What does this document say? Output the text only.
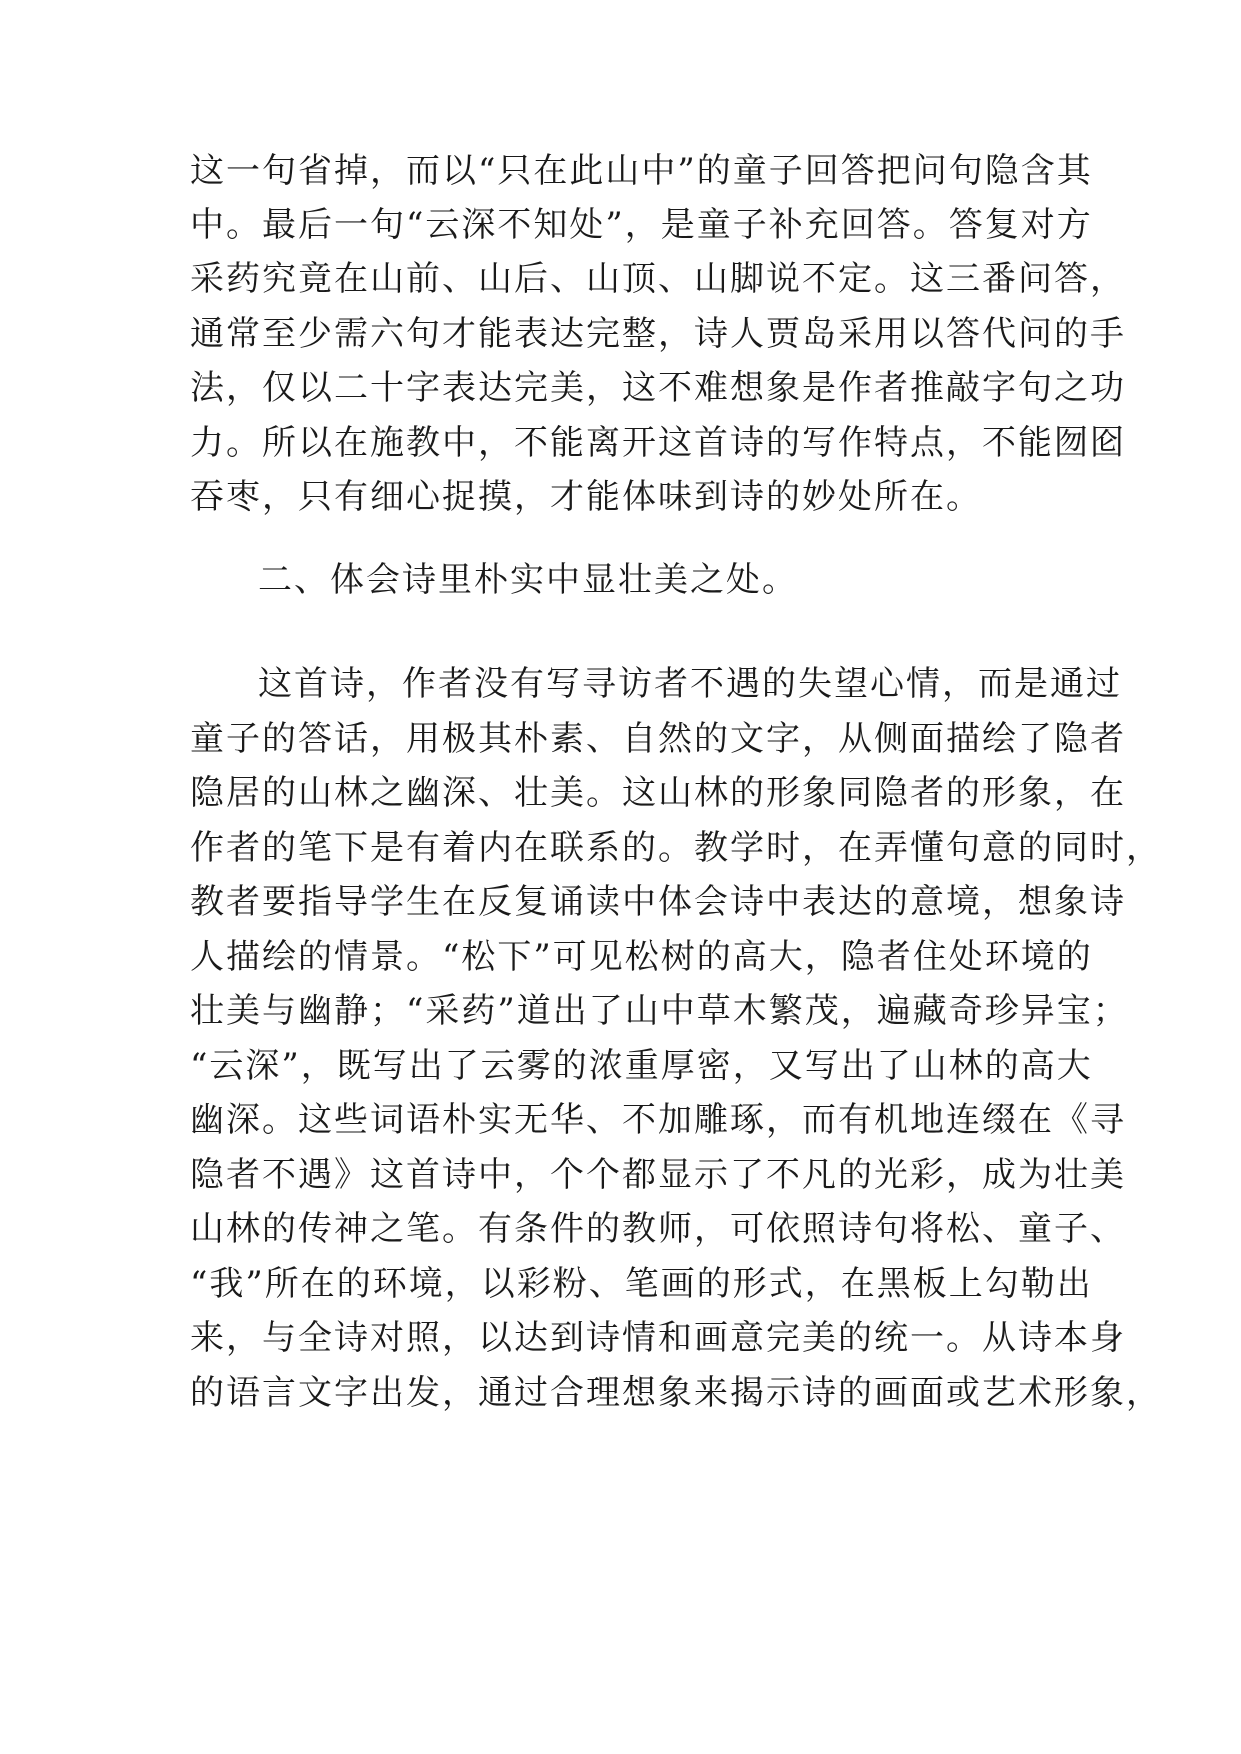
这一句省掉，而以“只在此山中”的童子回答把问句隐含其
中。最后一句“云深不知处”，是童子补充回答。答复对方
采药究竟在山前、山后、山顶、山脚说不定。这三番问答，
通常至少需六句才能表达完整，诗人贾岛采用以答代问的手
法，仅以二十字表达完美，这不难想象是作者推敲字句之功
力。所以在施教中，不能离开这首诗的写作特点，不能囫囵
吞枣，只有细心捉摸，才能体味到诗的妙处所在。
二、体会诗里朴实中显壮美之处。
这首诗，作者没有写寻访者不遇的失望心情，而是通过
童子的答话，用极其朴素、自然的文字，从侧面描绘了隐者
隐居的山林之幽深、壮美。这山林的形象同隐者的形象，在
作者的笔下是有着内在联系的。教学时，在弄懂句意的同时，
教者要指导学生在反复诵读中体会诗中表达的意境，想象诗
人描绘的情景。“松下”可见松树的高大，隐者住处环境的
壮美与幽静；“采药”道出了山中草木繁茂，遍藏奇珍异宝；
“云深”，既写出了云雾的浓重厚密，又写出了山林的高大
幽深。这些词语朴实无华、不加雕琢，而有机地连缀在《寻
隐者不遇》这首诗中，个个都显示了不凡的光彩，成为壮美
山林的传神之笔。有条件的教师，可依照诗句将松、童子、
“我”所在的环境，以彩粉、笔画的形式，在黑板上勾勒出
来，与全诗对照，以达到诗情和画意完美的统一。从诗本身
的语言文字出发，通过合理想象来揭示诗的画面或艺术形象，
